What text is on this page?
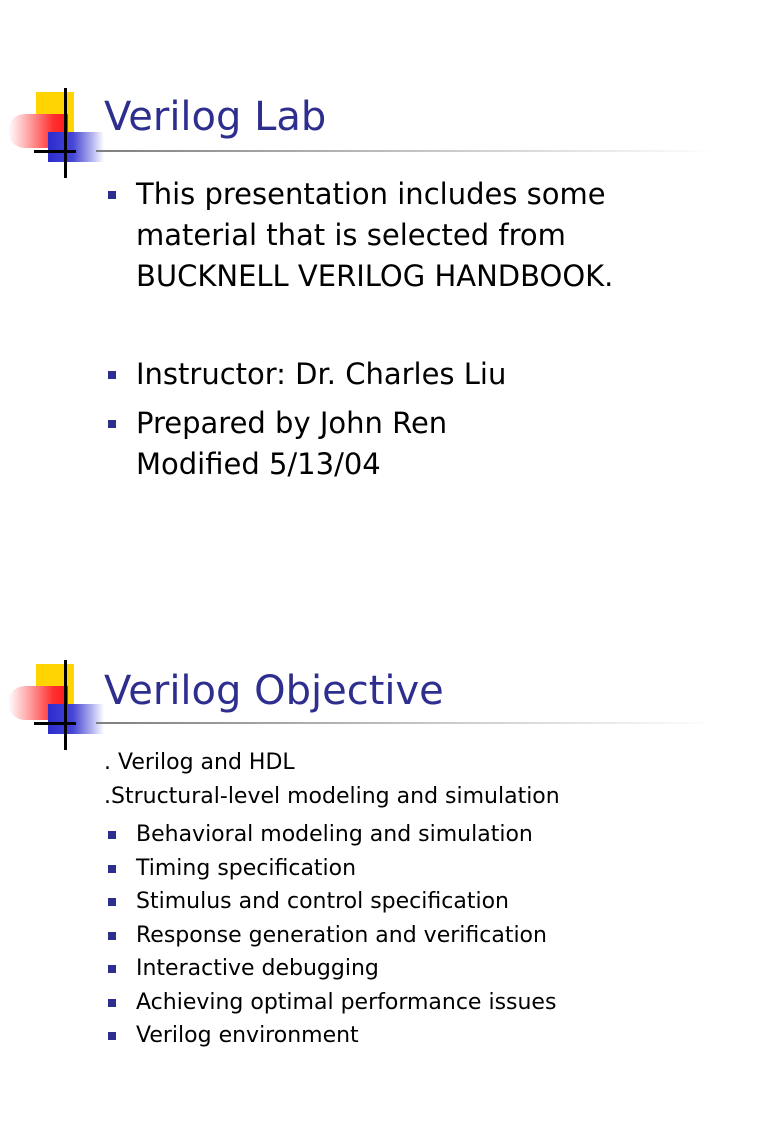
Verilog Lab
This presentation includes some
material that is selected from
BUCKNELL VERILOG HANDBOOK.
Instructor: Dr. Charles Liu
Prepared by John Ren
Modified 5/13/04
Verilog Objective

. Verilog and HDL

.Structural-level modeling and simulation

Behavioral modeling and simulation
Timing specification
Stimulus and control specification
Response generation and verification
Interactive debugging
Achieving optimal performance issues
Verilog environment
